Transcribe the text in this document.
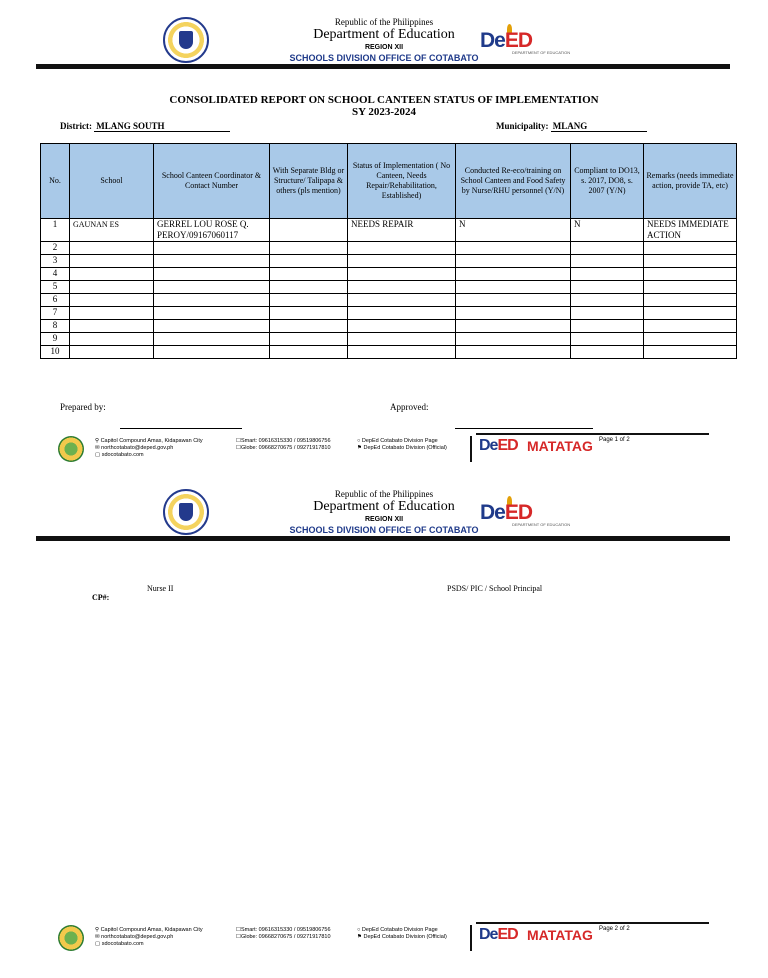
Republic of the Philippines
Department of Education
REGION XII
SCHOOLS DIVISION OFFICE OF COTABATO
DeED
DEPARTMENT OF EDUCATION
CONSOLIDATED REPORT ON SCHOOL CANTEEN STATUS OF IMPLEMENTATION
SY 2023-2024
District: MLANG SOUTH	Municipality: MLANG
No.	School	School Canteen Coordinator & Contact Number	With Separate Bldg or Structure/ Talipapa & others (pls mention)	Status of Implementation ( No Canteen, Needs Repair/Rehabilitation, Established)	Conducted Re-eco/training on School Canteen and Food Safety by Nurse/RHU personnel (Y/N)	Compliant to DO13, s. 2017, DO8, s. 2007 (Y/N)	Remarks (needs immediate action, provide TA, etc)
1	GAUNAN ES	GERREL LOU ROSE Q. PEROY/09167060117		NEEDS REPAIR	N	N	NEEDS IMMEDIATE ACTION
2							
3							
4							
5							
6							
7							
8							
9							
10							
Prepared by:	Approved:
⚲ Capitol Compound Amas, Kidapawan City
✉ northcotabato@deped.gov.ph
▢ sdocotabato.com
☐Smart: 09616315330 / 09519806756
☐Globe: 09668270675 / 09271917810
○ DepEd Cotabato Division Page
⚑ DepEd Cotabato Division (Official) DeED MATATAG Page 1 of 2
Republic of the Philippines
Department of Education
REGION XII
SCHOOLS DIVISION OFFICE OF COTABATO
DeED
DEPARTMENT OF EDUCATION
Nurse II
CP#:
PSDS/ PIC / School Principal
⚲ Capitol Compound Amas, Kidapawan City
✉ northcotabato@deped.gov.ph
▢ sdocotabato.com
☐Smart: 09616315330 / 09519806756
☐Globe: 09668270675 / 09271917810
○ DepEd Cotabato Division Page
⚑ DepEd Cotabato Division (Official) DeED MATATAG Page 2 of 2
